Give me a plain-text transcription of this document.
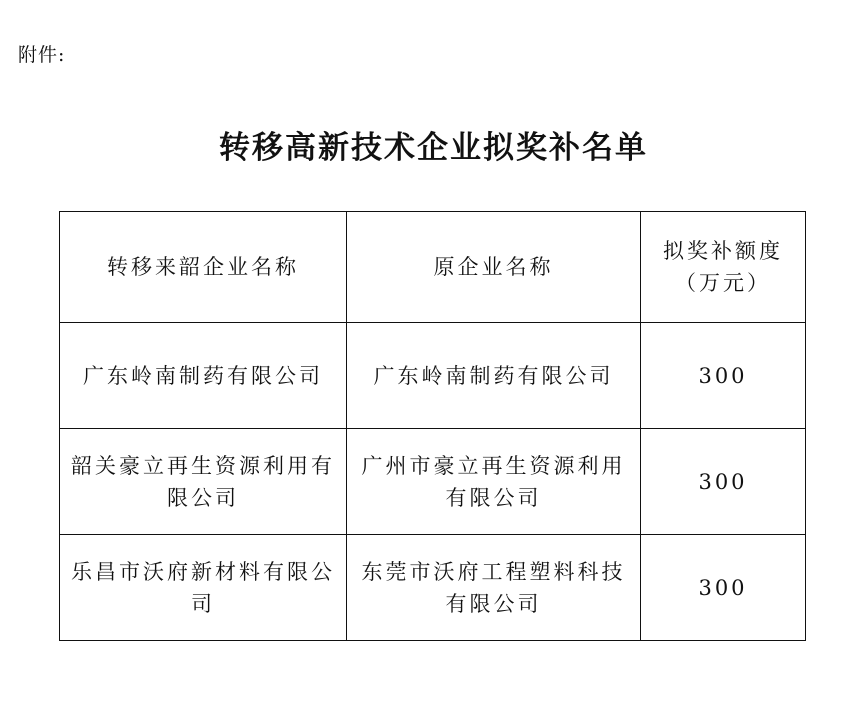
附件:
转移高新技术企业拟奖补名单
转移来韶企业名称	原企业名称	拟奖补额度
（万元）

广东岭南制药有限公司	广东岭南制药有限公司	300
韶关豪立再生资源利用有限公司	广州市豪立再生资源利用有限公司	300
乐昌市沃府新材料有限公司	东莞市沃府工程塑料科技有限公司	300
